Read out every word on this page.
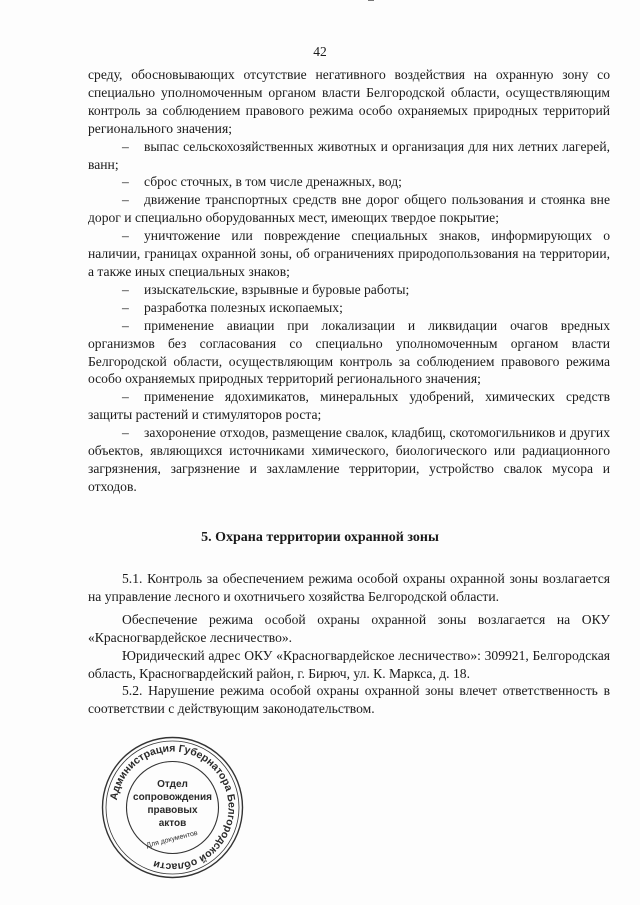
42

среду, обосновывающих отсутствие негативного воздействия на охранную зону со специально уполномоченным органом власти Белгородской области, осуществляющим контроль за соблюдением правового режима особо охраняемых природных территорий регионального значения;

– выпас сельскохозяйственных животных и организация для них летних лагерей, ванн;

– сброс сточных, в том числе дренажных, вод;

– движение транспортных средств вне дорог общего пользования и стоянка вне дорог и специально оборудованных мест, имеющих твердое покрытие;

– уничтожение или повреждение специальных знаков, информирующих о наличии, границах охранной зоны, об ограничениях природопользования на территории, а также иных специальных знаков;

– изыскательские, взрывные и буровые работы;

– разработка полезных ископаемых;

– применение авиации при локализации и ликвидации очагов вредных организмов без согласования со специально уполномоченным органом власти Белгородской области, осуществляющим контроль за соблюдением правового режима особо охраняемых природных территорий регионального значения;

– применение ядохимикатов, минеральных удобрений, химических средств защиты растений и стимуляторов роста;

– захоронение отходов, размещение свалок, кладбищ, скотомогильников и других объектов, являющихся источниками химического, биологического или радиационного загрязнения, загрязнение и захламление территории, устройство свалок мусора и отходов.

5. Охрана территории охранной зоны

5.1. Контроль за обеспечением режима особой охраны охранной зоны возлагается на управление лесного и охотничьего хозяйства Белгородской области.

Обеспечение режима особой охраны охранной зоны возлагается на ОКУ «Красногвардейское лесничество».

Юридический адрес ОКУ «Красногвардейское лесничество»: 309921, Белгородская область, Красногвардейский район, г. Бирюч, ул. К. Маркса, д. 18.

5.2. Нарушение режима особой охраны охранной зоны влечет ответственность в соответствии с действующим законодательством.

Администрация Губернатора Белгородской области
Отдел
сопровождения
правовых
актов
Для документов
